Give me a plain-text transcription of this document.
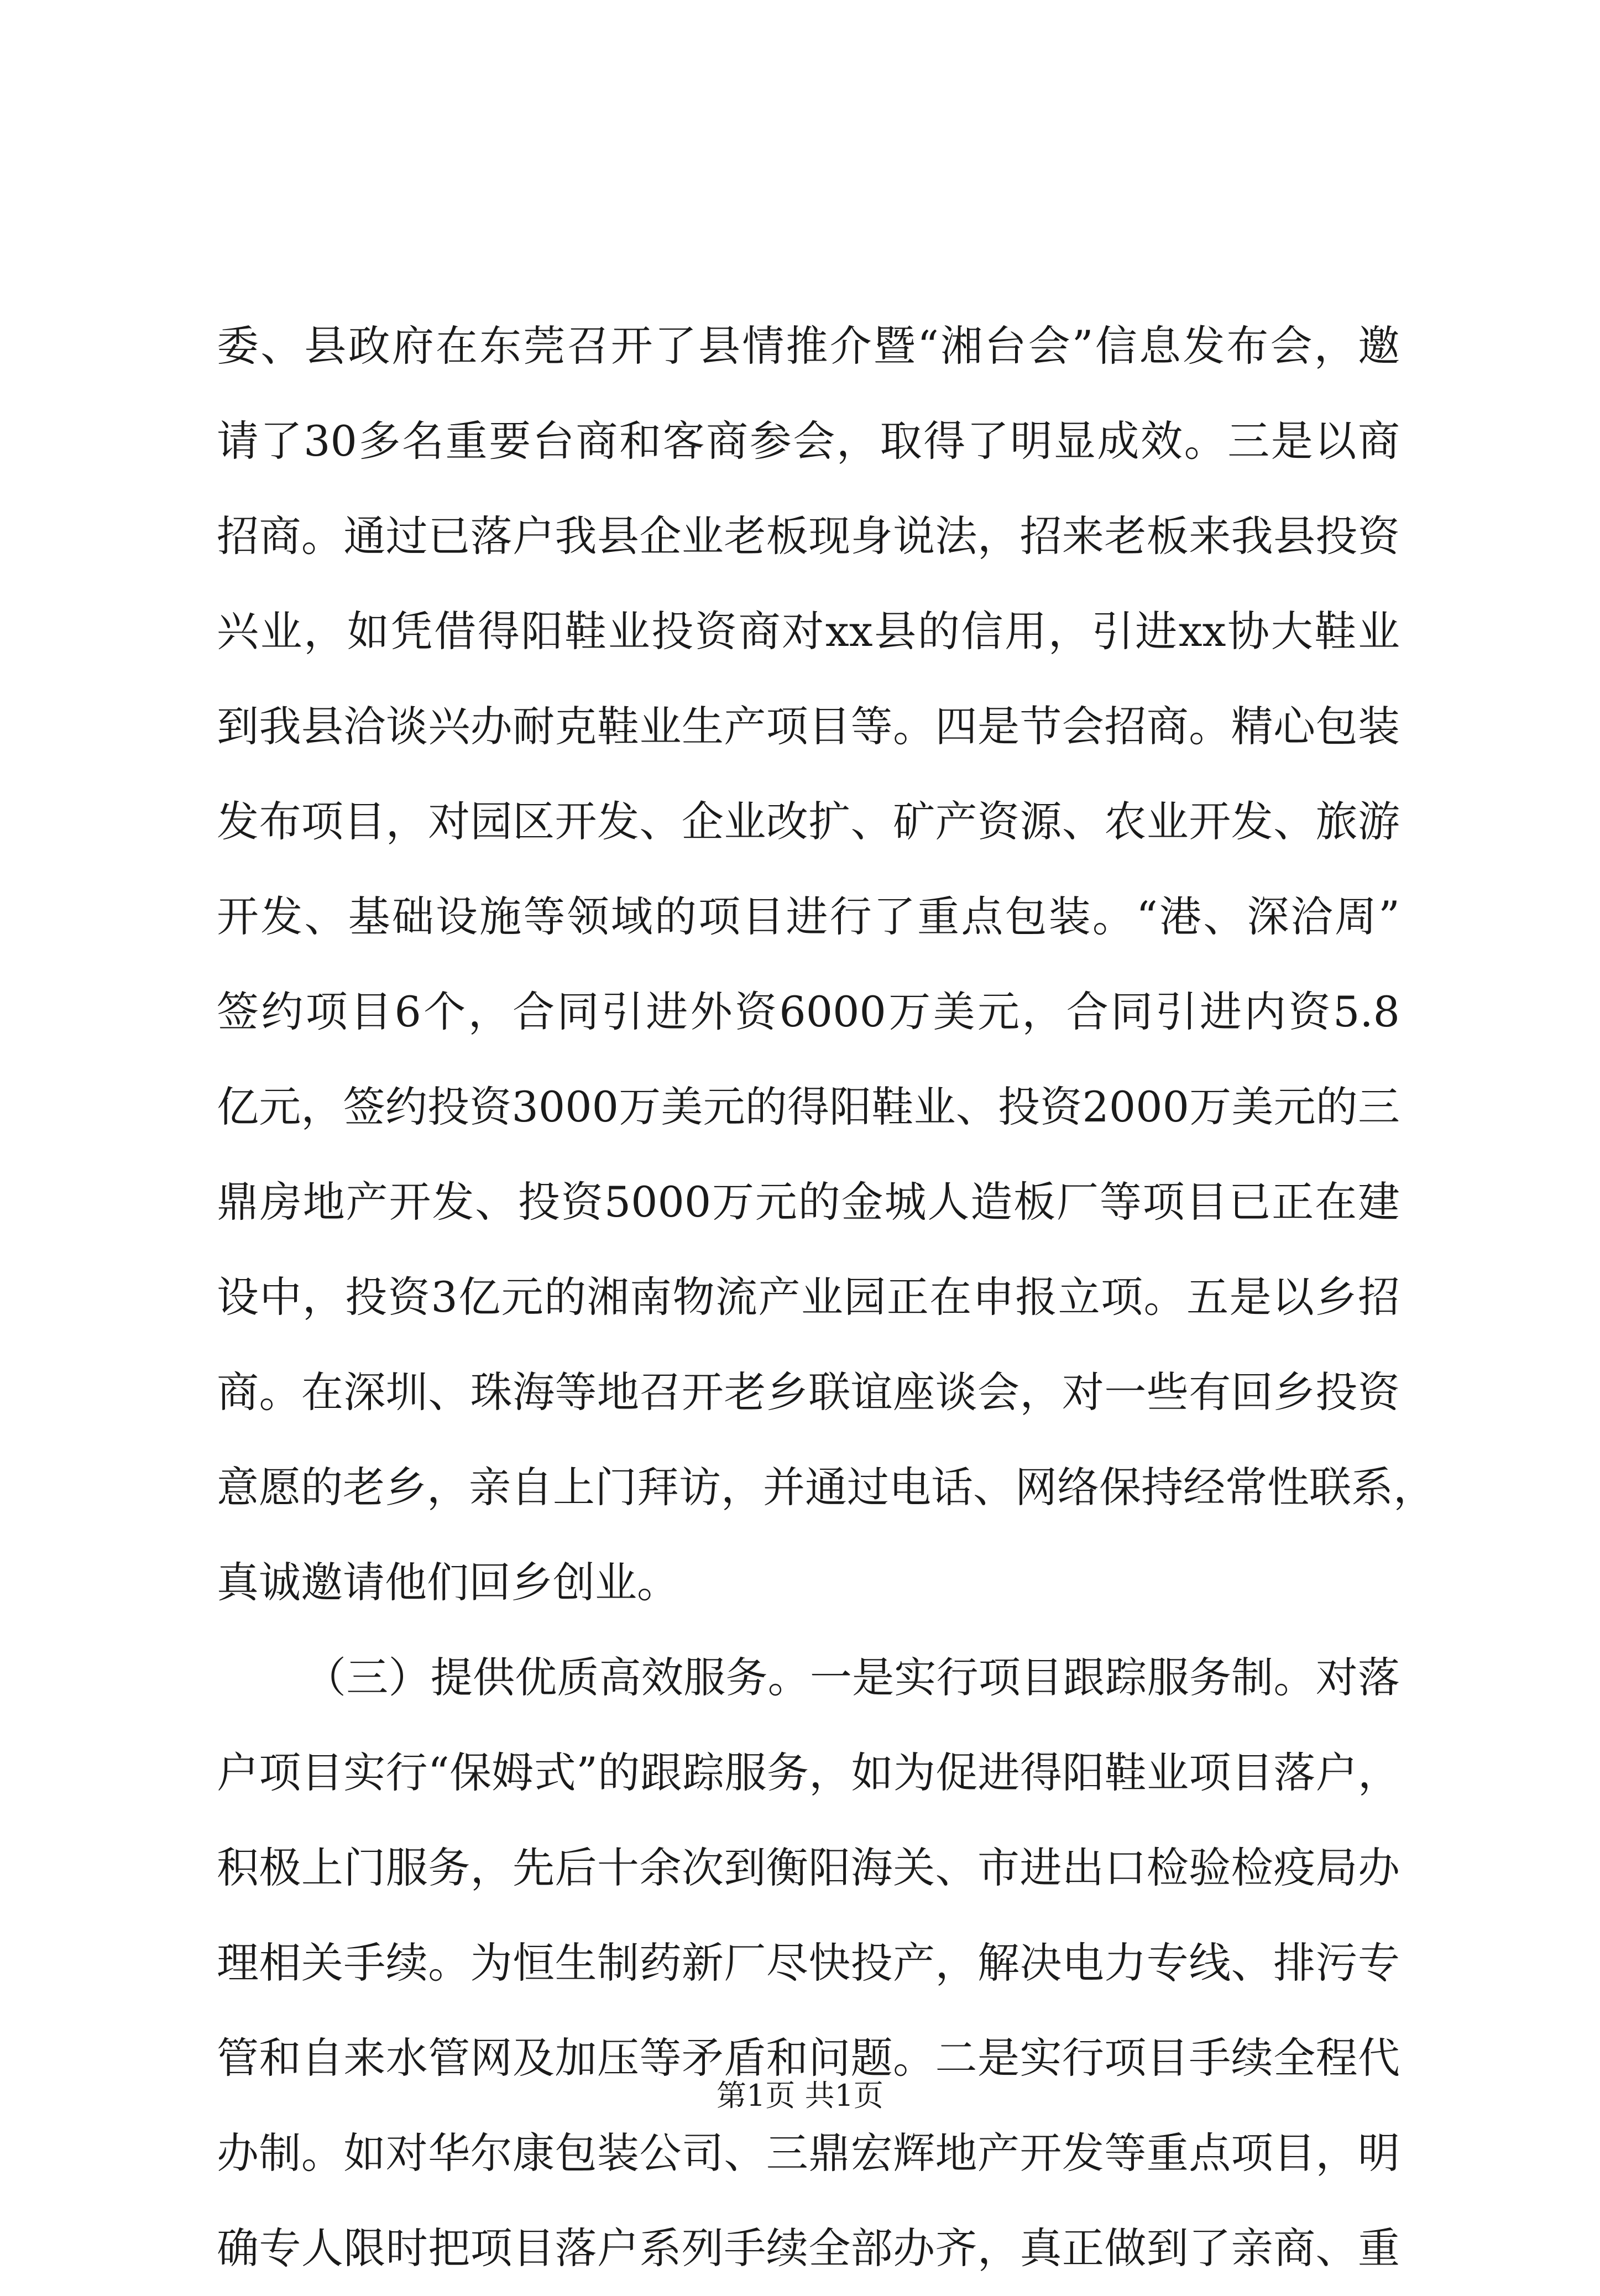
委、县政府在东莞召开了县情推介暨“湘台会”信息发布会，邀
请了30多名重要台商和客商参会，取得了明显成效。三是以商
招商。通过已落户我县企业老板现身说法，招来老板来我县投资
兴业，如凭借得阳鞋业投资商对xx县的信用，引进xx协大鞋业
到我县洽谈兴办耐克鞋业生产项目等。四是节会招商。精心包装
发布项目，对园区开发、企业改扩、矿产资源、农业开发、旅游
开发、基础设施等领域的项目进行了重点包装。“港、深洽周”
签约项目6个，合同引进外资6000万美元，合同引进内资5.8
亿元，签约投资3000万美元的得阳鞋业、投资2000万美元的三
鼎房地产开发、投资5000万元的金城人造板厂等项目已正在建
设中，投资3亿元的湘南物流产业园正在申报立项。五是以乡招
商。在深圳、珠海等地召开老乡联谊座谈会，对一些有回乡投资
意愿的老乡，亲自上门拜访，并通过电话、网络保持经常性联系，
真诚邀请他们回乡创业。
（三）提供优质高效服务。一是实行项目跟踪服务制。对落
户项目实行“保姆式”的跟踪服务，如为促进得阳鞋业项目落户，
积极上门服务，先后十余次到衡阳海关、市进出口检验检疫局办
理相关手续。为恒生制药新厂尽快投产，解决电力专线、排污专
管和自来水管网及加压等矛盾和问题。二是实行项目手续全程代
办制。如对华尔康包装公司、三鼎宏辉地产开发等重点项目，明
确专人限时把项目落户系列手续全部办齐，真正做到了亲商、重
第1页 共1页
